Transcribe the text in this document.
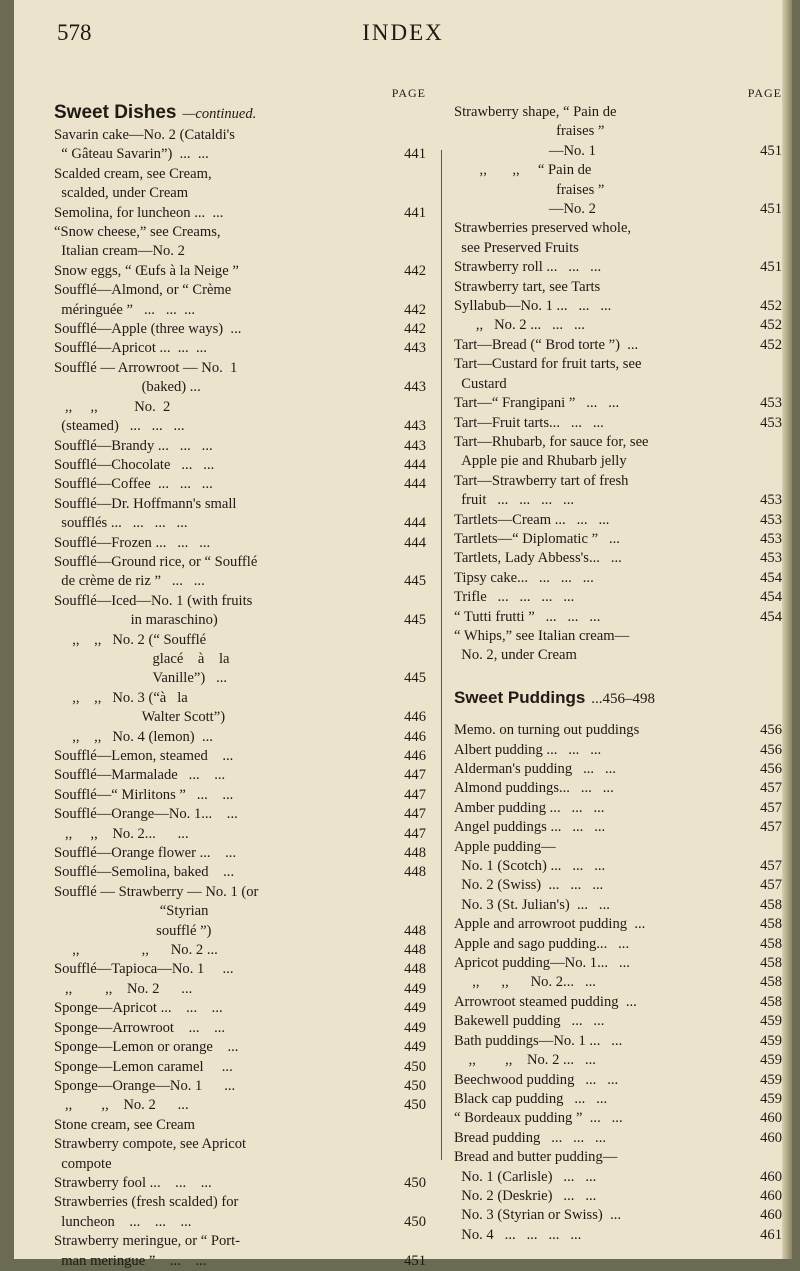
578	INDEX
PAGE
Sweet Dishes —continued.
Savarin cake—No. 2 (Cataldi's
“ Gâteau Savarin”)  ...  ...	441
Scalded cream, see Cream,
scalded, under Cream
Semolina, for luncheon ...  ...	441
“Snow cheese,” see Creams,
Italian cream—No. 2
Snow eggs, “ Œufs à la Neige ”	442
Soufflé—Almond, or “ Crème
méringuée ”   ...   ...  ...	442
Soufflé—Apple (three ways)  ...	442
Soufflé—Apricot ...  ...  ...	443
Soufflé — Arrowroot — No.  1
(baked) ...	443
,,     ,,          No.  2
(steamed)   ...   ...   ...	443
Soufflé—Brandy ...   ...   ...	443
Soufflé—Chocolate   ...   ...	444
Soufflé—Coffee  ...   ...   ...	444
Soufflé—Dr. Hoffmann's small
soufflés ...   ...   ...   ...	444
Soufflé—Frozen ...   ...   ...	444
Soufflé—Ground rice, or “ Soufflé
de crème de riz ”   ...   ...	445
Soufflé—Iced—No. 1 (with fruits
in maraschino)	445
,,    ,,   No. 2 (“ Soufflé
glacé    à    la
Vanille”)   ...	445
,,    ,,   No. 3 (“à   la
Walter Scott”)	446
,,    ,,   No. 4 (lemon)  ...	446
Soufflé—Lemon, steamed    ...	446
Soufflé—Marmalade   ...    ...	447
Soufflé—“ Mirlitons ”   ...    ...	447
Soufflé—Orange—No. 1...    ...	447
,,     ,,    No. 2...      ...	447
Soufflé—Orange flower ...    ...	448
Soufflé—Semolina, baked    ...	448
Soufflé — Strawberry — No. 1 (or
“Styrian
soufflé ”)	448
,,                 ,,      No. 2 ...	448
Soufflé—Tapioca—No. 1     ...	448
,,         ,,    No. 2      ...	449
Sponge—Apricot ...    ...    ...	449
Sponge—Arrowroot    ...    ...	449
Sponge—Lemon or orange    ...	449
Sponge—Lemon caramel     ...	450
Sponge—Orange—No. 1      ...	450
,,        ,,    No. 2      ...	450
Stone cream, see Cream
Strawberry compote, see Apricot
compote
Strawberry fool ...    ...    ...	450
Strawberries (fresh scalded) for
luncheon    ...    ...    ...	450
Strawberry meringue, or “ Port-
man meringue ”    ...    ...	451
PAGE
Strawberry shape, “ Pain de
fraises ”
—No. 1	451
,,       ,,     “ Pain de
fraises ”
—No. 2	451
Strawberries preserved whole,
see Preserved Fruits
Strawberry roll ...   ...   ...	451
Strawberry tart, see Tarts
Syllabub—No. 1 ...   ...   ...	452
,,   No. 2 ...   ...   ...	452
Tart—Bread (“ Brod torte ”)  ...	452
Tart—Custard for fruit tarts, see
Custard
Tart—“ Frangipani ”   ...   ...	453
Tart—Fruit tarts...   ...   ...	453
Tart—Rhubarb, for sauce for, see
Apple pie and Rhubarb jelly
Tart—Strawberry tart of fresh
fruit   ...   ...   ...   ...	453
Tartlets—Cream ...   ...   ...	453
Tartlets—“ Diplomatic ”   ...	453
Tartlets, Lady Abbess's...   ...	453
Tipsy cake...   ...   ...   ...	454
Trifle   ...   ...   ...   ...	454
“ Tutti frutti ”   ...   ...   ...	454
“ Whips,” see Italian cream—
No. 2, under Cream
Sweet Puddings ...456–498
Memo. on turning out puddings	456
Albert pudding ...   ...   ...	456
Alderman's pudding   ...   ...	456
Almond puddings...   ...   ...	457
Amber pudding ...   ...   ...	457
Angel puddings ...   ...   ...	457
Apple pudding—
No. 1 (Scotch) ...   ...   ...	457
No. 2 (Swiss)  ...   ...   ...	457
No. 3 (St. Julian's)  ...   ...	458
Apple and arrowroot pudding  ...	458
Apple and sago pudding...   ...	458
Apricot pudding—No. 1...   ...	458
,,      ,,      No. 2...   ...	458
Arrowroot steamed pudding  ...	458
Bakewell pudding   ...   ...	459
Bath puddings—No. 1 ...   ...	459
,,        ,,    No. 2 ...   ...	459
Beechwood pudding   ...   ...	459
Black cap pudding   ...   ...	459
“ Bordeaux pudding ”  ...   ...	460
Bread pudding   ...   ...   ...	460
Bread and butter pudding—
No. 1 (Carlisle)   ...   ...	460
No. 2 (Deskrie)   ...   ...	460
No. 3 (Styrian or Swiss)  ...	460
No. 4   ...   ...   ...   ...	461
